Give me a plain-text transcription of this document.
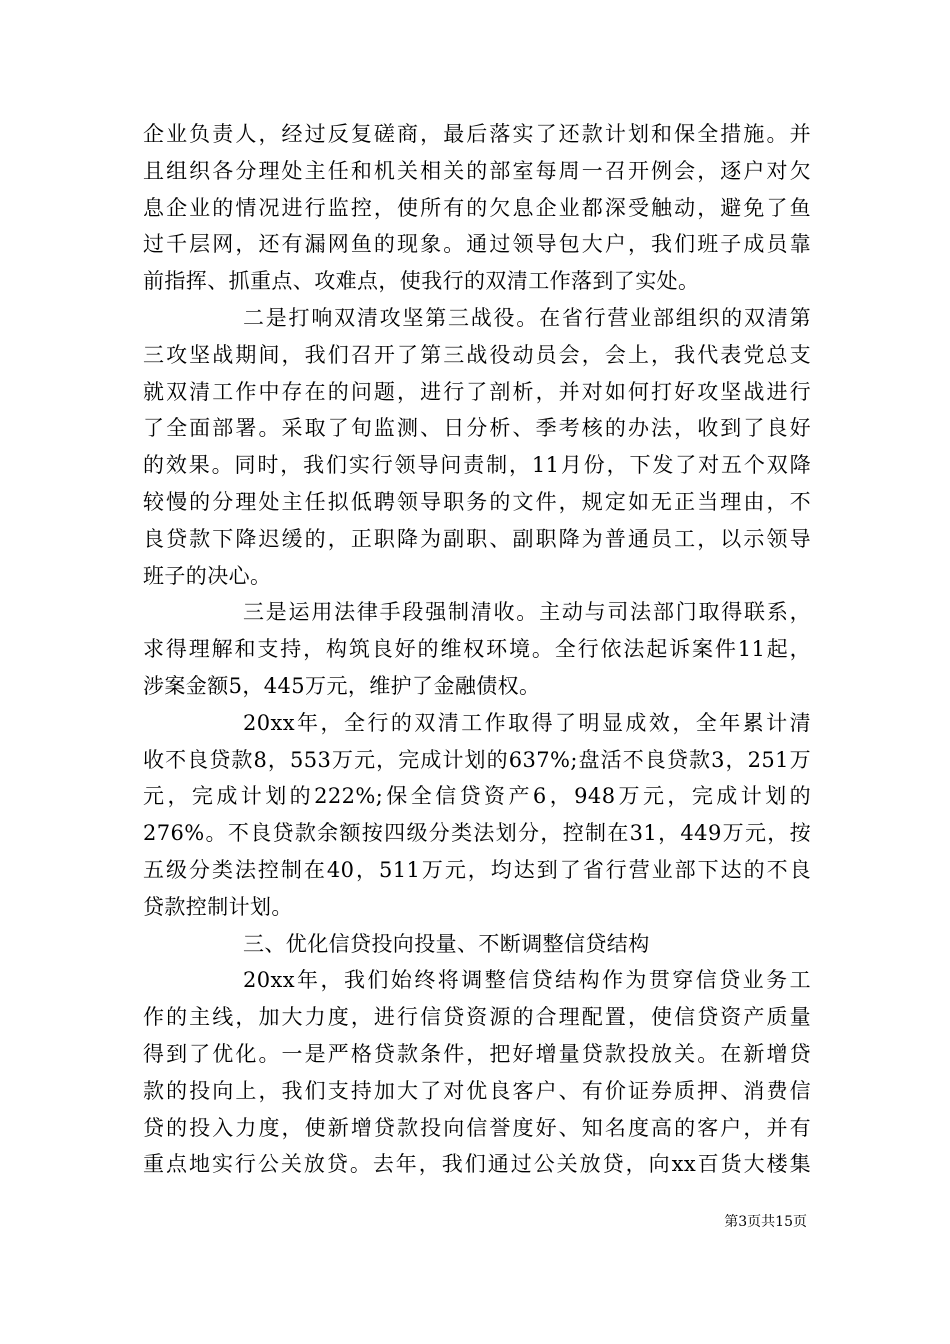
企业负责人，经过反复磋商，最后落实了还款计划和保全措施。并
且组织各分理处主任和机关相关的部室每周一召开例会，逐户对欠
息企业的情况进行监控，使所有的欠息企业都深受触动，避免了鱼
过千层网，还有漏网鱼的现象。通过领导包大户，我们班子成员靠
前指挥、抓重点、攻难点，使我行的双清工作落到了实处。
二是打响双清攻坚第三战役。在省行营业部组织的双清第
三攻坚战期间，我们召开了第三战役动员会，会上，我代表党总支
就双清工作中存在的问题，进行了剖析，并对如何打好攻坚战进行
了全面部署。采取了旬监测、日分析、季考核的办法，收到了良好
的效果。同时，我们实行领导问责制，11月份，下发了对五个双降
较慢的分理处主任拟低聘领导职务的文件，规定如无正当理由，不
良贷款下降迟缓的，正职降为副职、副职降为普通员工，以示领导
班子的决心。
三是运用法律手段强制清收。主动与司法部门取得联系，
求得理解和支持，构筑良好的维权环境。全行依法起诉案件11起，
涉案金额5，445万元，维护了金融债权。
20xx年，全行的双清工作取得了明显成效，全年累计清
收不良贷款8，553万元，完成计划的637%;盘活不良贷款3，251万
元，完成计划的222%;保全信贷资产6，948万元，完成计划的
276%。不良贷款余额按四级分类法划分，控制在31，449万元，按
五级分类法控制在40，511万元，均达到了省行营业部下达的不良
贷款控制计划。
三、优化信贷投向投量、不断调整信贷结构
20xx年，我们始终将调整信贷结构作为贯穿信贷业务工
作的主线，加大力度，进行信贷资源的合理配置，使信贷资产质量
得到了优化。一是严格贷款条件，把好增量贷款投放关。在新增贷
款的投向上，我们支持加大了对优良客户、有价证券质押、消费信
贷的投入力度，使新增贷款投向信誉度好、知名度高的客户，并有
重点地实行公关放贷。去年，我们通过公关放贷，向xx百货大楼集
第3页共15页
